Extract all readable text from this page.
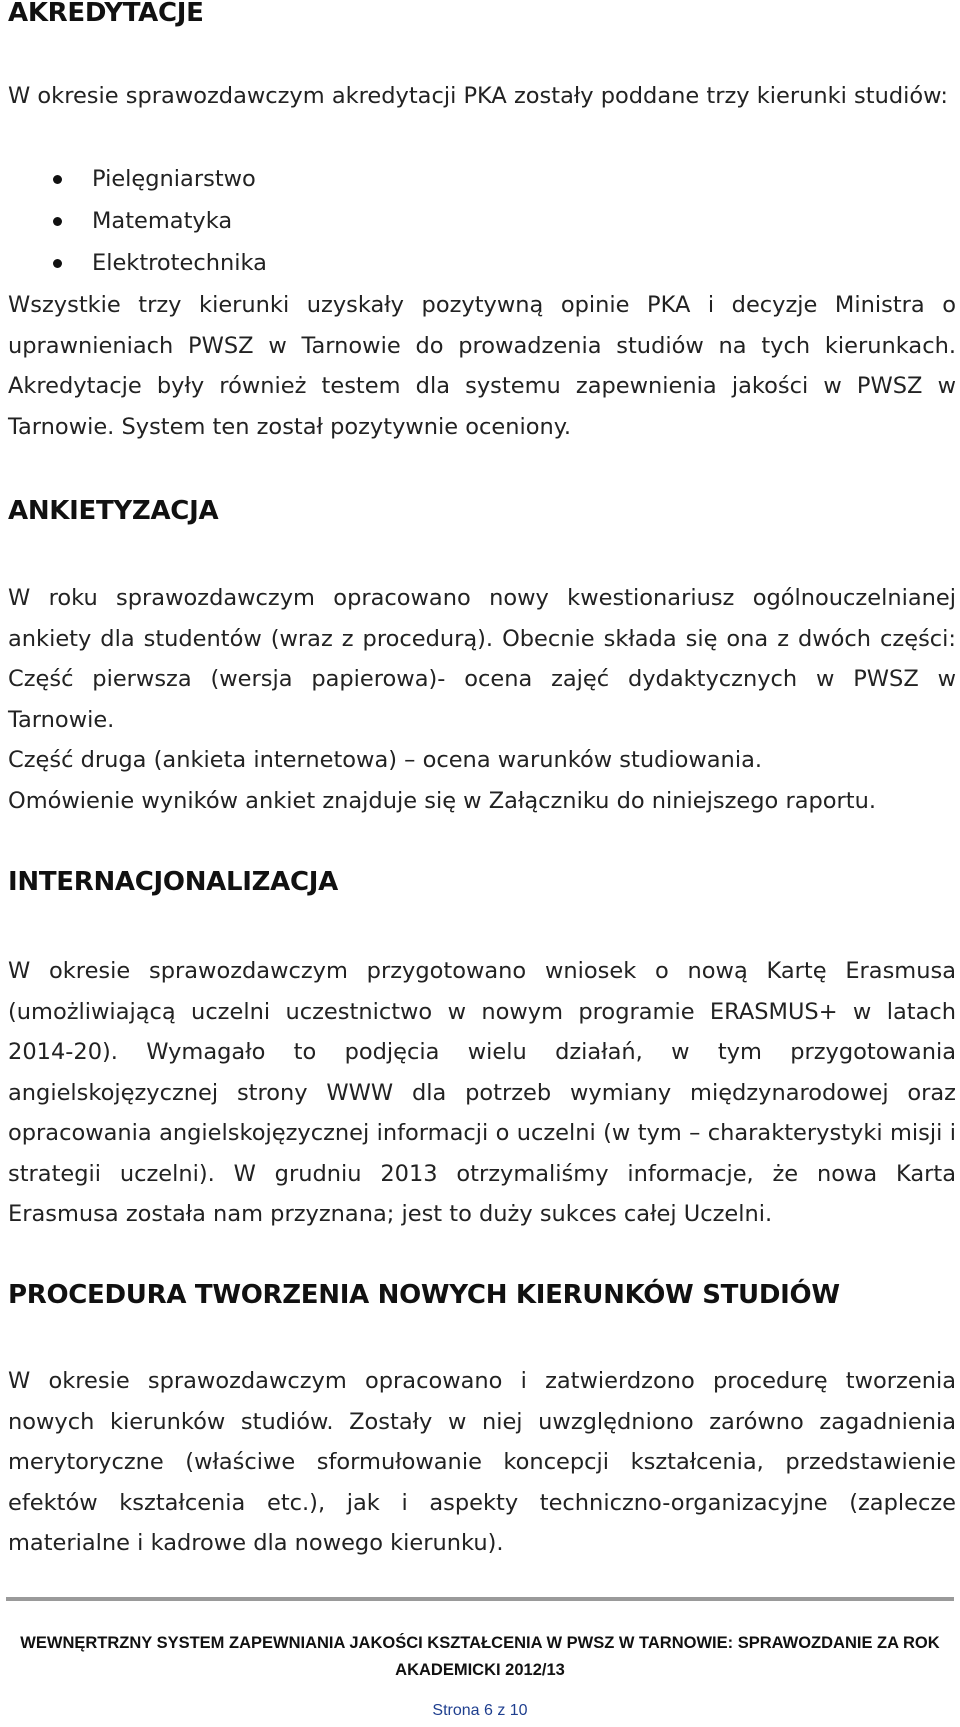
AKREDYTACJE

W okresie sprawozdawczym akredytacji PKA zostały poddane trzy kierunki studiów:

Pielęgniarstwo
Matematyka
Elektrotechnika

Wszystkie trzy kierunki uzyskały pozytywną opinie PKA i decyzje Ministra o uprawnieniach PWSZ w Tarnowie do prowadzenia studiów na tych kierunkach. Akredytacje były również testem dla systemu zapewnienia jakości w PWSZ w Tarnowie. System ten został pozytywnie oceniony.

ANKIETYZACJA

W roku sprawozdawczym opracowano nowy kwestionariusz ogólnouczelnianej ankiety dla studentów (wraz z procedurą). Obecnie składa się ona z dwóch części: Część pierwsza (wersja papierowa)- ocena zajęć dydaktycznych w PWSZ w Tarnowie.

Część druga (ankieta internetowa) – ocena warunków studiowania.

Omówienie wyników ankiet znajduje się w Załączniku do niniejszego raportu.

INTERNACJONALIZACJA

W okresie sprawozdawczym przygotowano wniosek o nową Kartę Erasmusa (umożliwiającą uczelni uczestnictwo w nowym programie ERASMUS+ w latach 2014-20). Wymagało to podjęcia wielu działań, w tym przygotowania angielskojęzycznej strony WWW dla potrzeb wymiany międzynarodowej oraz opracowania angielskojęzycznej informacji o uczelni (w tym – charakterystyki misji i strategii uczelni). W grudniu 2013 otrzymaliśmy informacje, że nowa Karta Erasmusa została nam przyznana; jest to duży sukces całej Uczelni.

PROCEDURA TWORZENIA NOWYCH KIERUNKÓW STUDIÓW

W okresie sprawozdawczym opracowano i zatwierdzono procedurę tworzenia nowych kierunków studiów. Zostały w niej uwzględniono zarówno zagadnienia merytoryczne (właściwe sformułowanie koncepcji kształcenia, przedstawienie efektów kształcenia etc.), jak i aspekty techniczno-organizacyjne (zaplecze materialne i kadrowe dla nowego kierunku).

WEWNĘRTRZNY SYSTEM ZAPEWNIANIA JAKOŚCI KSZTAŁCENIA W PWSZ W TARNOWIE: SPRAWOZDANIE ZA ROK AKADEMICKI 2012/13
Strona 6 z 10
